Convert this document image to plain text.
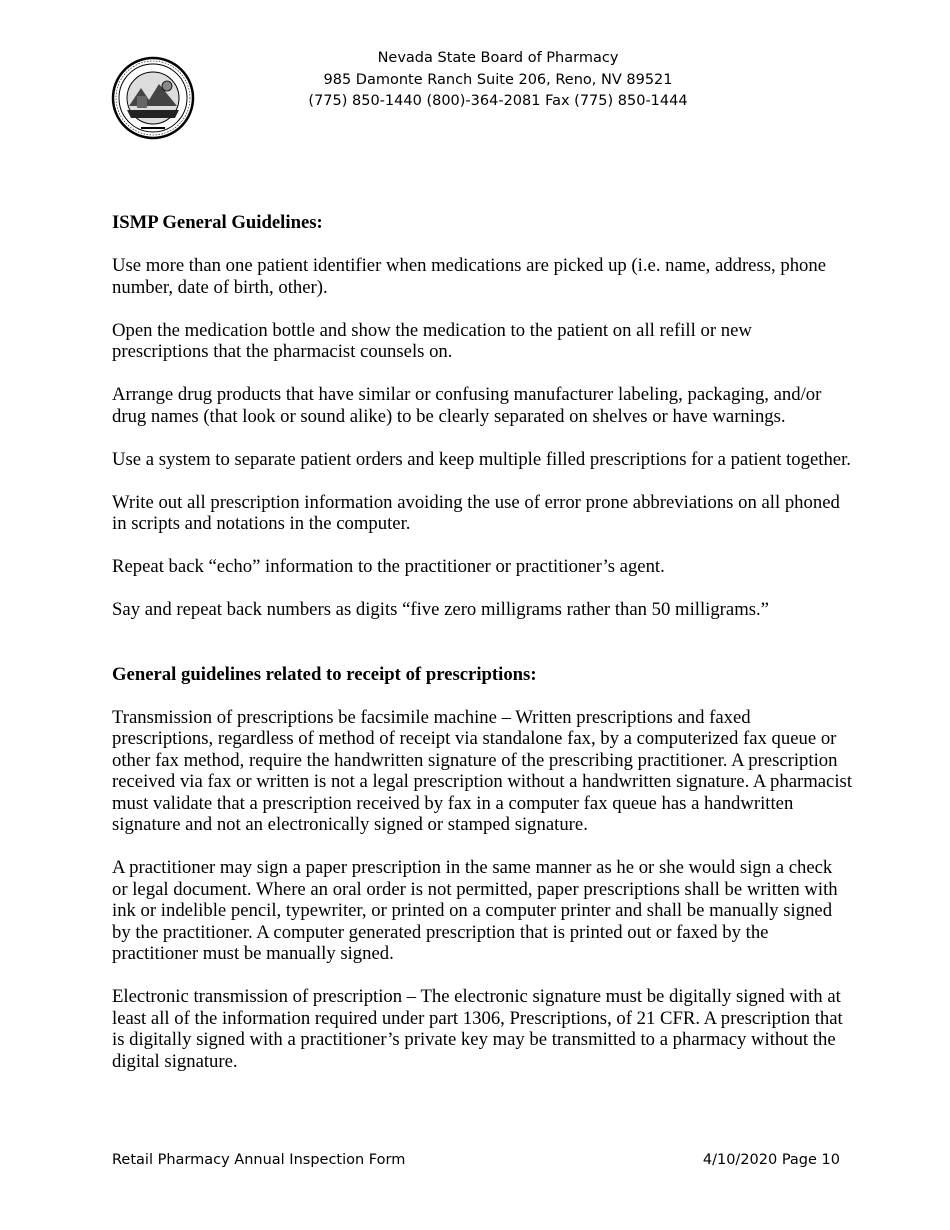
Nevada State Board of Pharmacy
985 Damonte Ranch Suite 206, Reno, NV 89521
(775) 850-1440 (800)-364-2081 Fax (775) 850-1444
ISMP General Guidelines:

Use more than one patient identifier when medications are picked up (i.e. name, address, phone number, date of birth, other).

Open the medication bottle and show the medication to the patient on all refill or new prescriptions that the pharmacist counsels on.

Arrange drug products that have similar or confusing manufacturer labeling, packaging, and/or drug names (that look or sound alike) to be clearly separated on shelves or have warnings.

Use a system to separate patient orders and keep multiple filled prescriptions for a patient together.

Write out all prescription information avoiding the use of error prone abbreviations on all phoned in scripts and notations in the computer.

Repeat back “echo” information to the practitioner or practitioner’s agent.

Say and repeat back numbers as digits “five zero milligrams rather than 50 milligrams.”

General guidelines related to receipt of prescriptions:

Transmission of prescriptions be facsimile machine – Written prescriptions and faxed prescriptions, regardless of method of receipt via standalone fax, by a computerized fax queue or other fax method, require the handwritten signature of the prescribing practitioner. A prescription received via fax or written is not a legal prescription without a handwritten signature. A pharmacist must validate that a prescription received by fax in a computer fax queue has a handwritten signature and not an electronically signed or stamped signature.

A practitioner may sign a paper prescription in the same manner as he or she would sign a check or legal document. Where an oral order is not permitted, paper prescriptions shall be written with ink or indelible pencil, typewriter, or printed on a computer printer and shall be manually signed by the practitioner. A computer generated prescription that is printed out or faxed by the practitioner must be manually signed.

Electronic transmission of prescription – The electronic signature must be digitally signed with at least all of the information required under part 1306, Prescriptions, of 21 CFR. A prescription that is digitally signed with a practitioner’s private key may be transmitted to a pharmacy without the digital signature.

Retail Pharmacy Annual Inspection Form	4/10/2020 Page 10
